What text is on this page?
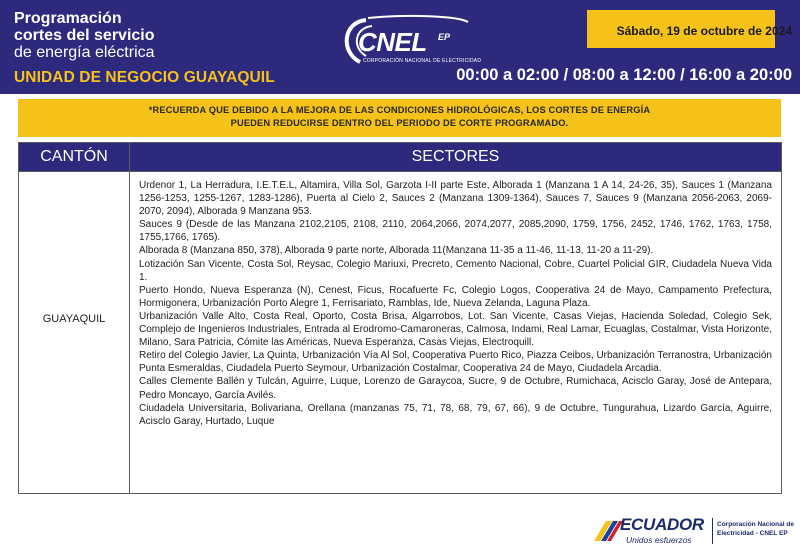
Programación
cortes del servicio
de energía eléctrica
UNIDAD DE NEGOCIO GUAYAQUIL
CNEL EP
CORPORACIÓN NACIONAL DE ELECTRICIDAD
Sábado, 19 de octubre de 2024
00:00 a 02:00 / 08:00 a 12:00 / 16:00 a 20:00
*RECUERDA QUE DEBIDO A LA MEJORA DE LAS CONDICIONES HIDROLÓGICAS, LOS CORTES DE ENERGÍA
PUEDEN REDUCIRSE DENTRO DEL PERIODO DE CORTE PROGRAMADO.
CANTÓN	SECTORES
GUAYAQUIL

Urdenor 1, La Herradura, I.E.T.E.L, Altamira, Villa Sol, Garzota I-II parte Este, Alborada 1 (Manzana 1 A 14, 24-26, 35), Sauces 1 (Manzana 1256-1253, 1255-1267, 1283-1286), Puerta al Cielo 2, Sauces 2 (Manzana 1309-1364), Sauces 7, Sauces 9 (Manzana 2056-2063, 2069-2070, 2094), Alborada 9 Manzana 953.

Sauces 9 (Desde de las Manzana 2102,2105, 2108, 2110, 2064,2066, 2074,2077, 2085,2090, 1759, 1756, 2452, 1746, 1762, 1763, 1758, 1755,1766, 1765).

Alborada 8 (Manzana 850, 378), Alborada 9 parte norte, Alborada 11(Manzana 11-35 a 11-46, 11-13, 11-20 a 11-29).

Lotización San Vicente, Costa Sol, Reysac, Colegio Mariuxi, Precreto, Cemento Nacional, Cobre, Cuartel Policial GIR, Ciudadela Nueva Vida 1.

Puerto Hondo, Nueva Esperanza (N), Cenest, Ficus, Rocafuerte Fc, Colegio Logos, Cooperativa 24 de Mayo, Campamento Prefectura, Hormigonera, Urbanización Porto Alegre 1, Ferrisariato, Ramblas, Ide, Nueva Zelanda, Laguna Plaza.

Urbanización Valle Alto, Costa Real, Oporto, Costa Brisa, Algarrobos, Lot. San Vicente, Casas Viejas, Hacienda Soledad, Colegio Sek, Complejo de Ingenieros Industriales, Entrada al Erodromo-Camaroneras, Calmosa, Indami, Real Lamar, Ecuaglas, Costalmar, Vista Horizonte, Milano, Sara Patricia, Cómite las Américas, Nueva Esperanza, Casas Viejas, Electroquill.

Retiro del Colegio Javier, La Quinta, Urbanización Vía Al Sol, Cooperativa Puerto Rico, Piazza Ceibos, Urbanización Terranostra, Urbanización Punta Esmeraldas, Ciudadela Puerto Seymour, Urbanización Costalmar, Cooperativa 24 de Mayo, Ciudadela Arcadia.

Calles Clemente Ballén y Tulcán, Aguirre, Luque, Lorenzo de Garaycoa, Sucre, 9 de Octubre, Rumichaca, Acisclo Garay, José de Antepara, Pedro Moncayo, García Avilés.

Ciudadela Universitaria, Bolivariana, Orellana (manzanas 75, 71, 78, 68, 79, 67, 66), 9 de Octubre, Tungurahua, Lizardo García, Aguirre, Acisclo Garay, Hurtado, Luque

ECUADOR
Unidos esfuerzos
Corporación Nacional de Electricidad - CNEL EP
